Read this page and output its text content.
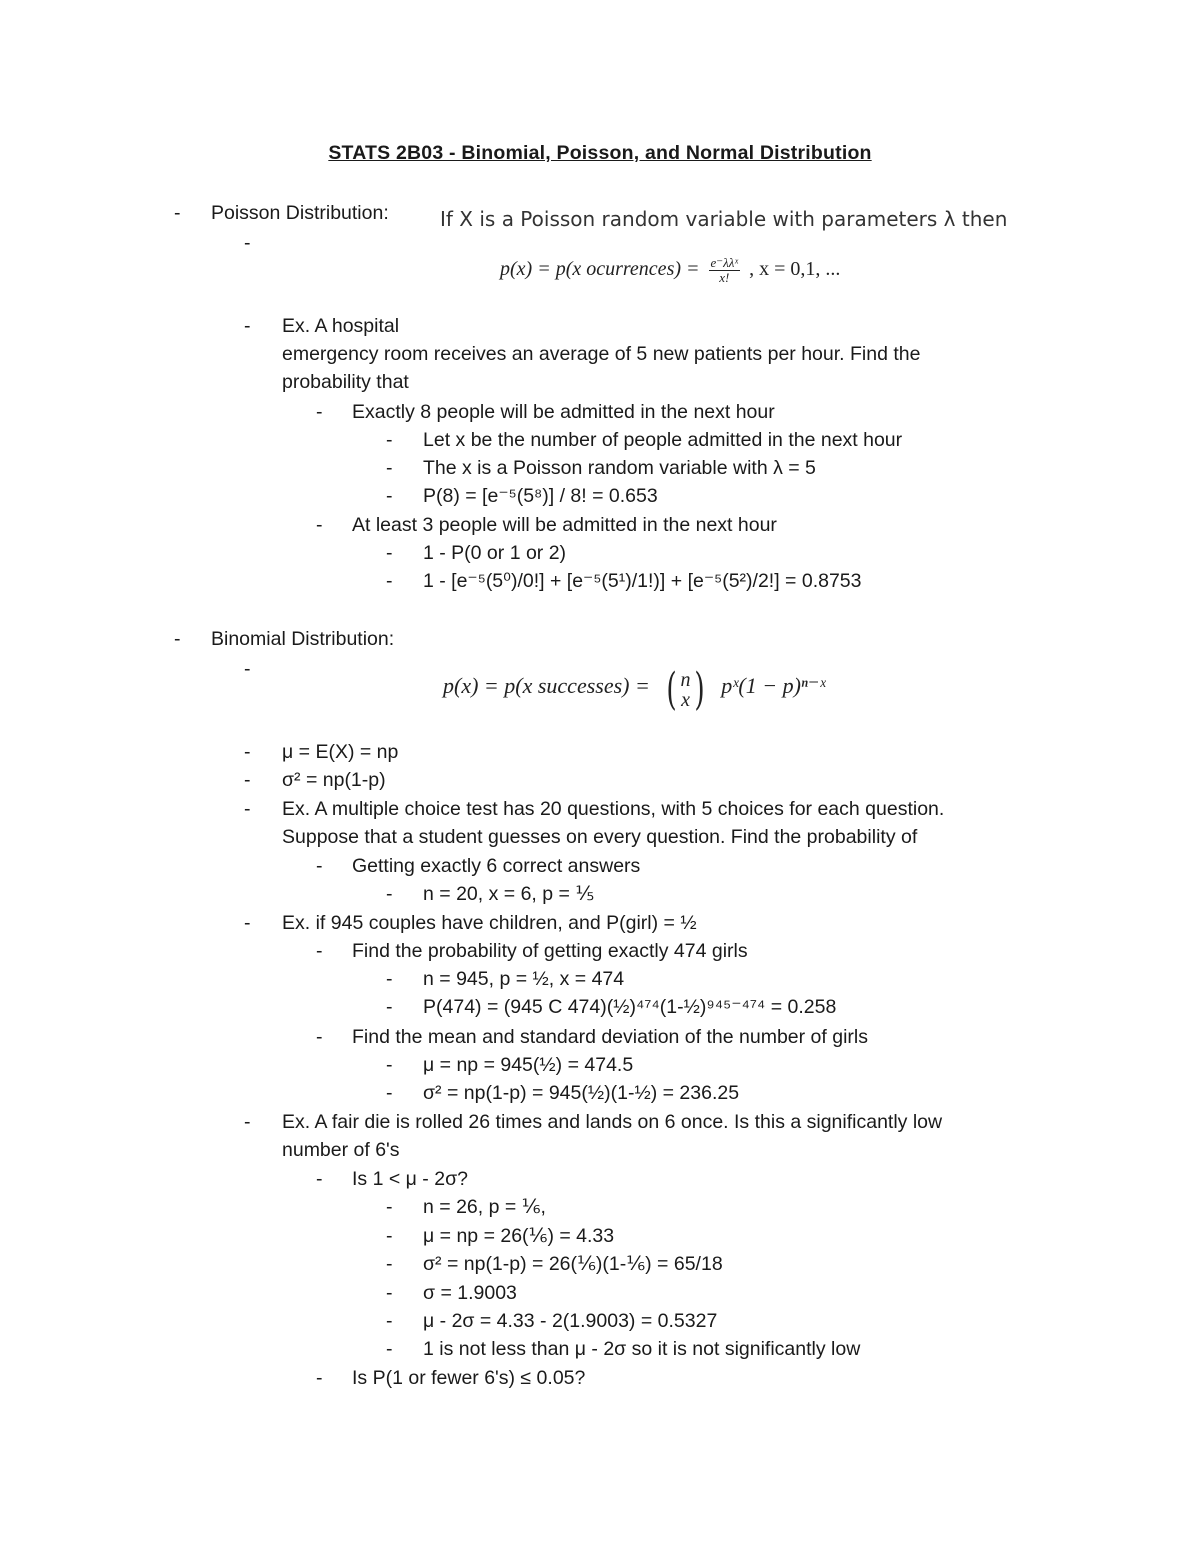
STATS 2B03 - Binomial, Poisson, and Normal Distribution
- Poisson Distribution:
-
If X is a Poisson random variable with parameters λ then
p(x) = p(x ocurrences) = $\frac{\text{e⁻λλˣ}}{x!}$ , x = 0,1, ...
- Ex. A hospital
emergency room receives an average of 5 new patients per hour. Find the
probability that
- Exactly 8 people will be admitted in the next hour
- Let x be the number of people admitted in the next hour
- The x is a Poisson random variable with λ = 5
- P(8) = [e⁻⁵(5⁸)] / 8! = 0.653
- At least 3 people will be admitted in the next hour
- 1 - P(0 or 1 or 2)
- 1 - [e⁻⁵(5⁰)/0!] + [e⁻⁵(5¹)/1!)] + [e⁻⁵(5²)/2!] = 0.8753
- Binomial Distribution:
-
p(x) = p(x successes) = ( n
x ) pˣ(1 − p)ⁿ⁻ˣ
- μ = E(X) = np
- σ² = np(1-p)
- Ex. A multiple choice test has 20 questions, with 5 choices for each question.
Suppose that a student guesses on every question. Find the probability of
- Getting exactly 6 correct answers
- n = 20, x = 6, p = ⅕
- Ex. if 945 couples have children, and P(girl) = ½
- Find the probability of getting exactly 474 girls
- n = 945, p = ½, x = 474
- P(474) = (945 C 474)(½)⁴⁷⁴(1-½)⁹⁴⁵⁻⁴⁷⁴ = 0.258
- Find the mean and standard deviation of the number of girls
- μ = np = 945(½) = 474.5
- σ² = np(1-p) = 945(½)(1-½) = 236.25
- Ex. A fair die is rolled 26 times and lands on 6 once. Is this a significantly low
number of 6's
- Is 1 < μ - 2σ?
- n = 26, p = ⅙,
- μ = np = 26(⅙) = 4.33
- σ² = np(1-p) = 26(⅙)(1-⅙) = 65/18
- σ = 1.9003
- μ - 2σ = 4.33 - 2(1.9003) = 0.5327
- 1 is not less than μ - 2σ so it is not significantly low
- Is P(1 or fewer 6's) ≤ 0.05?
